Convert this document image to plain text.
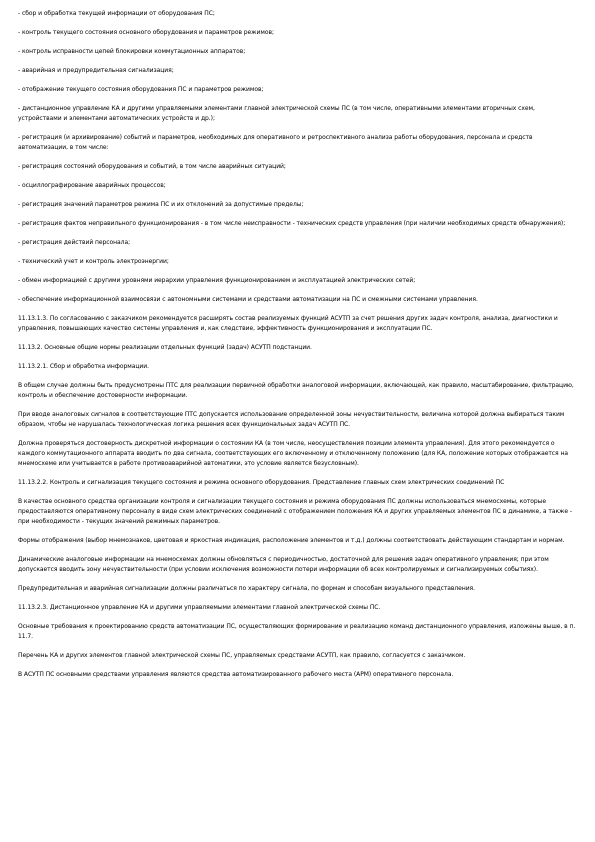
- сбор и обработка текущей информации от оборудования ПС;

- контроль текущего состояния основного оборудования и параметров режимов;

- контроль исправности цепей блокировки коммутационных аппаратов;

- аварийная и предупредительная сигнализация;

- отображение текущего состояния оборудования ПС и параметров режимов;

- дистанционное управление КА и другими управляемыми элементами главной электрической схемы ПС (в том числе, оперативными элементами вторичных схем, устройствами и элементами автоматических устройств и др.);

- регистрация (и архивирование) событий и параметров, необходимых для оперативного и ретроспективного анализа работы оборудования, персонала и средств автоматизации, в том числе:

- регистрация состояний оборудования и событий, в том числе аварийных ситуаций;

- осциллографирование аварийных процессов;

- регистрация значений параметров режима ПС и их отклонений за допустимые пределы;

- регистрация фактов неправильного функционирования - в том числе неисправности - технических средств управления (при наличии необходимых средств обнаружения);

- регистрация действий персонала;

- технический учет и контроль электроэнергии;

- обмен информацией с другими уровнями иерархии управления функционированием и эксплуатацией электрических сетей;

- обеспечение информационной взаимосвязи с автономными системами и средствами автоматизации на ПС и смежными системами управления.

11.13.1.3. По согласованию с заказчиком рекомендуется расширять состав реализуемых функций АСУТП за счет решения других задач контроля, анализа, диагностики и управления, повышающих качество системы управления и, как следствие, эффективность функционирования и эксплуатации ПС.

11.13.2. Основные общие нормы реализации отдельных функций (задач) АСУТП подстанции.

11.13.2.1. Сбор и обработка информации.

В общем случае должны быть предусмотрены ПТС для реализации первичной обработки аналоговой информации, включающей, как правило, масштабирование, фильтрацию, контроль и обеспечение достоверности информации.

При вводе аналоговых сигналов в соответствующие ПТС допускается использование определенной зоны нечувствительности, величина которой должна выбираться таким образом, чтобы не нарушалась технологическая логика решения всех функциональных задач АСУТП ПС.

Должна проверяться достоверность дискретной информации о состоянии КА (в том числе, неосуществления позиции элемента управления). Для этого рекомендуется о каждого коммутационного аппарата вводить по два сигнала, соответствующих его включенному и отключенному положению (для КА, положение которых отображается на мнемосхеме или учитывается в работе противоаварийной автоматики, это условие является безусловным).

11.13.2.2. Контроль и сигнализация текущего состояния и режима основного оборудования. Представление главных схем электрических соединений ПС

В качестве основного средства организации контроля и сигнализации текущего состояния и режима оборудования ПС должны использоваться мнемосхемы, которые предоставляются оперативному персоналу в виде схем электрических соединений с отображением положения КА и других управляемых элементов ПС в динамике, а также - при необходимости - текущих значений режимных параметров.

Формы отображения (выбор мнемознаков, цветовая и яркостная индикация, расположение элементов и т.д.) должны соответствовать действующим стандартам и нормам.

Динамические аналоговые информации на мнемосхемах должны обновляться с периодичностью, достаточной для решения задач оперативного управления; при этом допускается вводить зону нечувствительности (при условии исключения возможности потери информации об всех контролируемых и сигнализируемых событиях).

Предупредительная и аварийная сигнализации должны различаться по характеру сигнала, по формам и способам визуального представления.

11.13.2.3. Дистанционное управление КА и другими управляемыми элементами главной электрической схемы ПС.

Основные требования к проектированию средств автоматизации ПС, осуществляющих формирование и реализацию команд дистанционного управления, изложены выше, в п. 11.7.

Перечень КА и других элементов главной электрической схемы ПС, управляемых средствами АСУТП, как правило, согласуется с заказчиком.

В АСУТП ПС основными средствами управления являются средства автоматизированного рабочего места (АРМ) оперативного персонала.
